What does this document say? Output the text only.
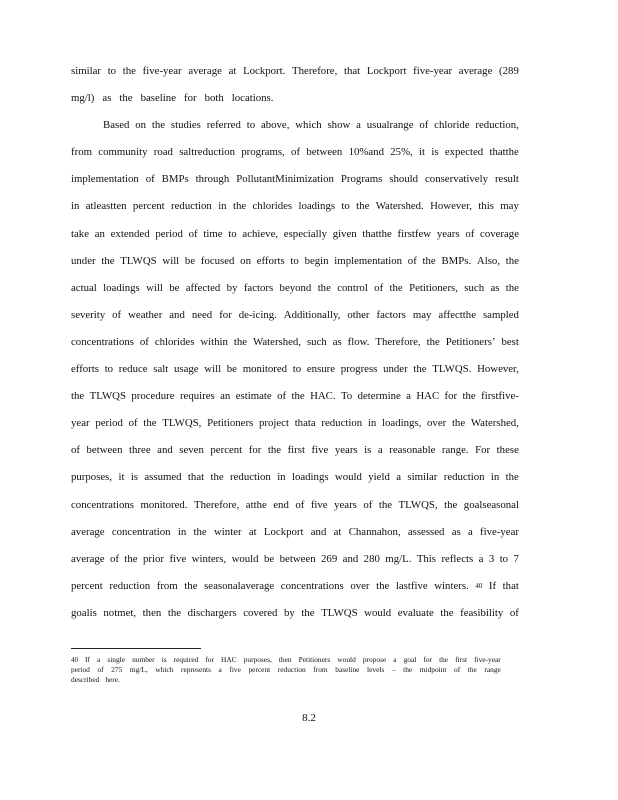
similar to the five-year average at Lockport. Therefore, that Lockport five-year average (289
mg/l) as the baseline for both locations.
Based on the studies referred to above, which show a usualrange of chloride reduction,
from community road saltreduction programs, of between 10%and 25%, it is expected thatthe
implementation of BMPs through PollutantMinimization Programs should conservatively result
in atleastten percent reduction in the chlorides loadings to the Watershed. However, this may
take an extended period of time to achieve, especially given thatthe firstfew years of coverage
under the TLWQS will be focused on efforts to begin implementation of the BMPs. Also, the
actual loadings will be affected by factors beyond the control of the Petitioners, such as the
severity of weather and need for de-icing. Additionally, other factors may affectthe sampled
concentrations of chlorides within the Watershed, such as flow. Therefore, the Petitioners’ best
efforts to reduce salt usage will be monitored to ensure progress under the TLWQS. However,
the TLWQS procedure requires an estimate of the HAC. To determine a HAC for the firstfive-
year period of the TLWQS, Petitioners project thata reduction in loadings, over the Watershed,
of between three and seven percent for the first five years is a reasonable range. For these
purposes, it is assumed that the reduction in loadings would yield a similar reduction in the
concentrations monitored. Therefore, atthe end of five years of the TLWQS, the goalseasonal
average concentration in the winter at Lockport and at Channahon, assessed as a five-year
average of the prior five winters, would be between 269 and 280 mg/L. This reflects a 3 to 7
percent reduction from the seasonalaverage concentrations over the lastfive winters. 40 If that
goalis notmet, then the dischargers covered by the TLWQS would evaluate the feasibility of
40 If a single number is required for HAC purposes, then Petitioners would propose a goal for the first five-year
period of 275 mg/L, which represents a five percent reduction from baseline levels – the midpoint of the range
described here.
8.2
